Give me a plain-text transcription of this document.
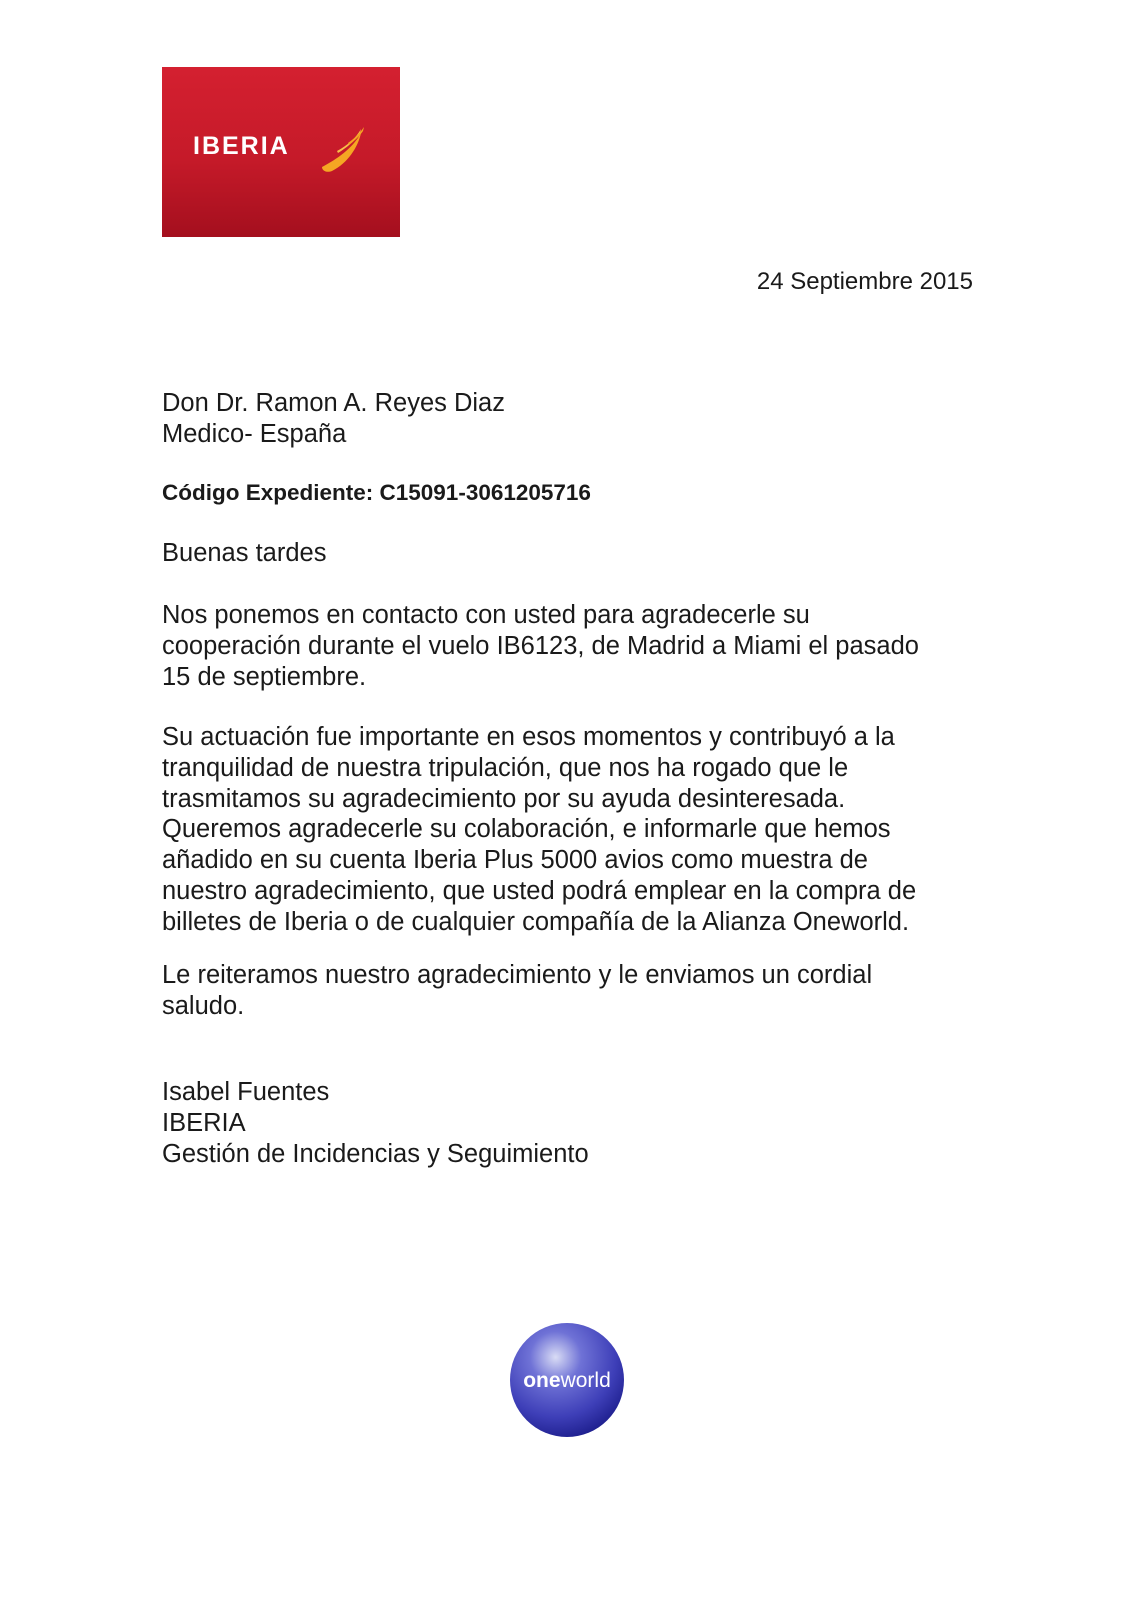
IBERIA
24 Septiembre 2015

Don Dr. Ramon A. Reyes Diaz
Medico- España

Código Expediente: C15091-3061205716

Buenas tardes

Nos ponemos en contacto con usted para agradecerle su
cooperación durante el vuelo IB6123, de Madrid a Miami el pasado
15 de septiembre.

Su actuación fue importante en esos momentos y contribuyó a la
tranquilidad de nuestra tripulación, que nos ha rogado que le
trasmitamos su agradecimiento por su ayuda desinteresada.
Queremos agradecerle su colaboración, e informarle que hemos
añadido en su cuenta Iberia Plus 5000 avios como muestra de
nuestro agradecimiento, que usted podrá emplear en la compra de
billetes de Iberia o de cualquier compañía de la Alianza Oneworld.

Le reiteramos nuestro agradecimiento y le enviamos un cordial
saludo.

Isabel Fuentes
IBERIA
Gestión de Incidencias y Seguimiento

oneworld
